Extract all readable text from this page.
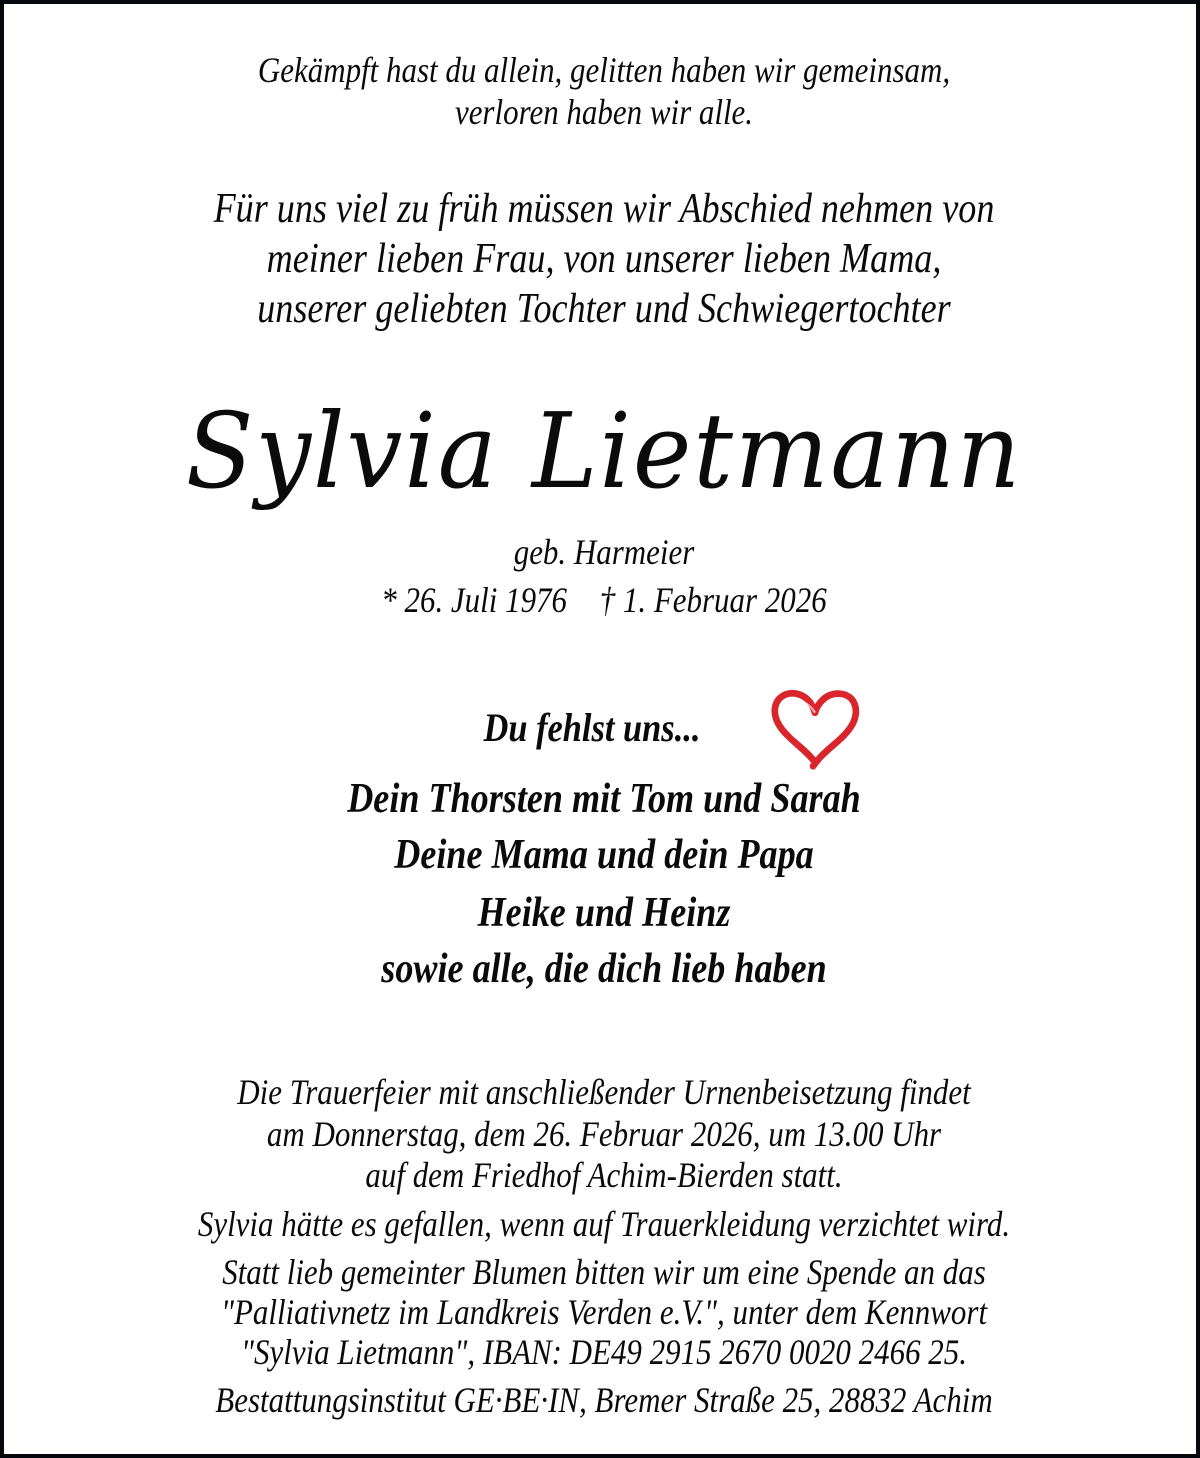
Gekämpft hast du allein, gelitten haben wir gemeinsam,
verloren haben wir alle.
Für uns viel zu früh müssen wir Abschied nehmen von
meiner lieben Frau, von unserer lieben Mama,
unserer geliebten Tochter und Schwiegertochter
Sylvia Lietmann
geb. Harmeier
* 26. Juli 1976 † 1. Februar 2026
Du fehlst uns...
Dein Thorsten mit Tom und Sarah
Deine Mama und dein Papa
Heike und Heinz
sowie alle, die dich lieb haben
Die Trauerfeier mit anschließender Urnenbeisetzung findet
am Donnerstag, dem 26. Februar 2026, um 13.00 Uhr
auf dem Friedhof Achim-Bierden statt.
Sylvia hätte es gefallen, wenn auf Trauerkleidung verzichtet wird.
Statt lieb gemeinter Blumen bitten wir um eine Spende an das
"Palliativnetz im Landkreis Verden e.V.", unter dem Kennwort
"Sylvia Lietmann", IBAN: DE49 2915 2670 0020 2466 25.
Bestattungsinstitut GE·BE·IN, Bremer Straße 25, 28832 Achim
